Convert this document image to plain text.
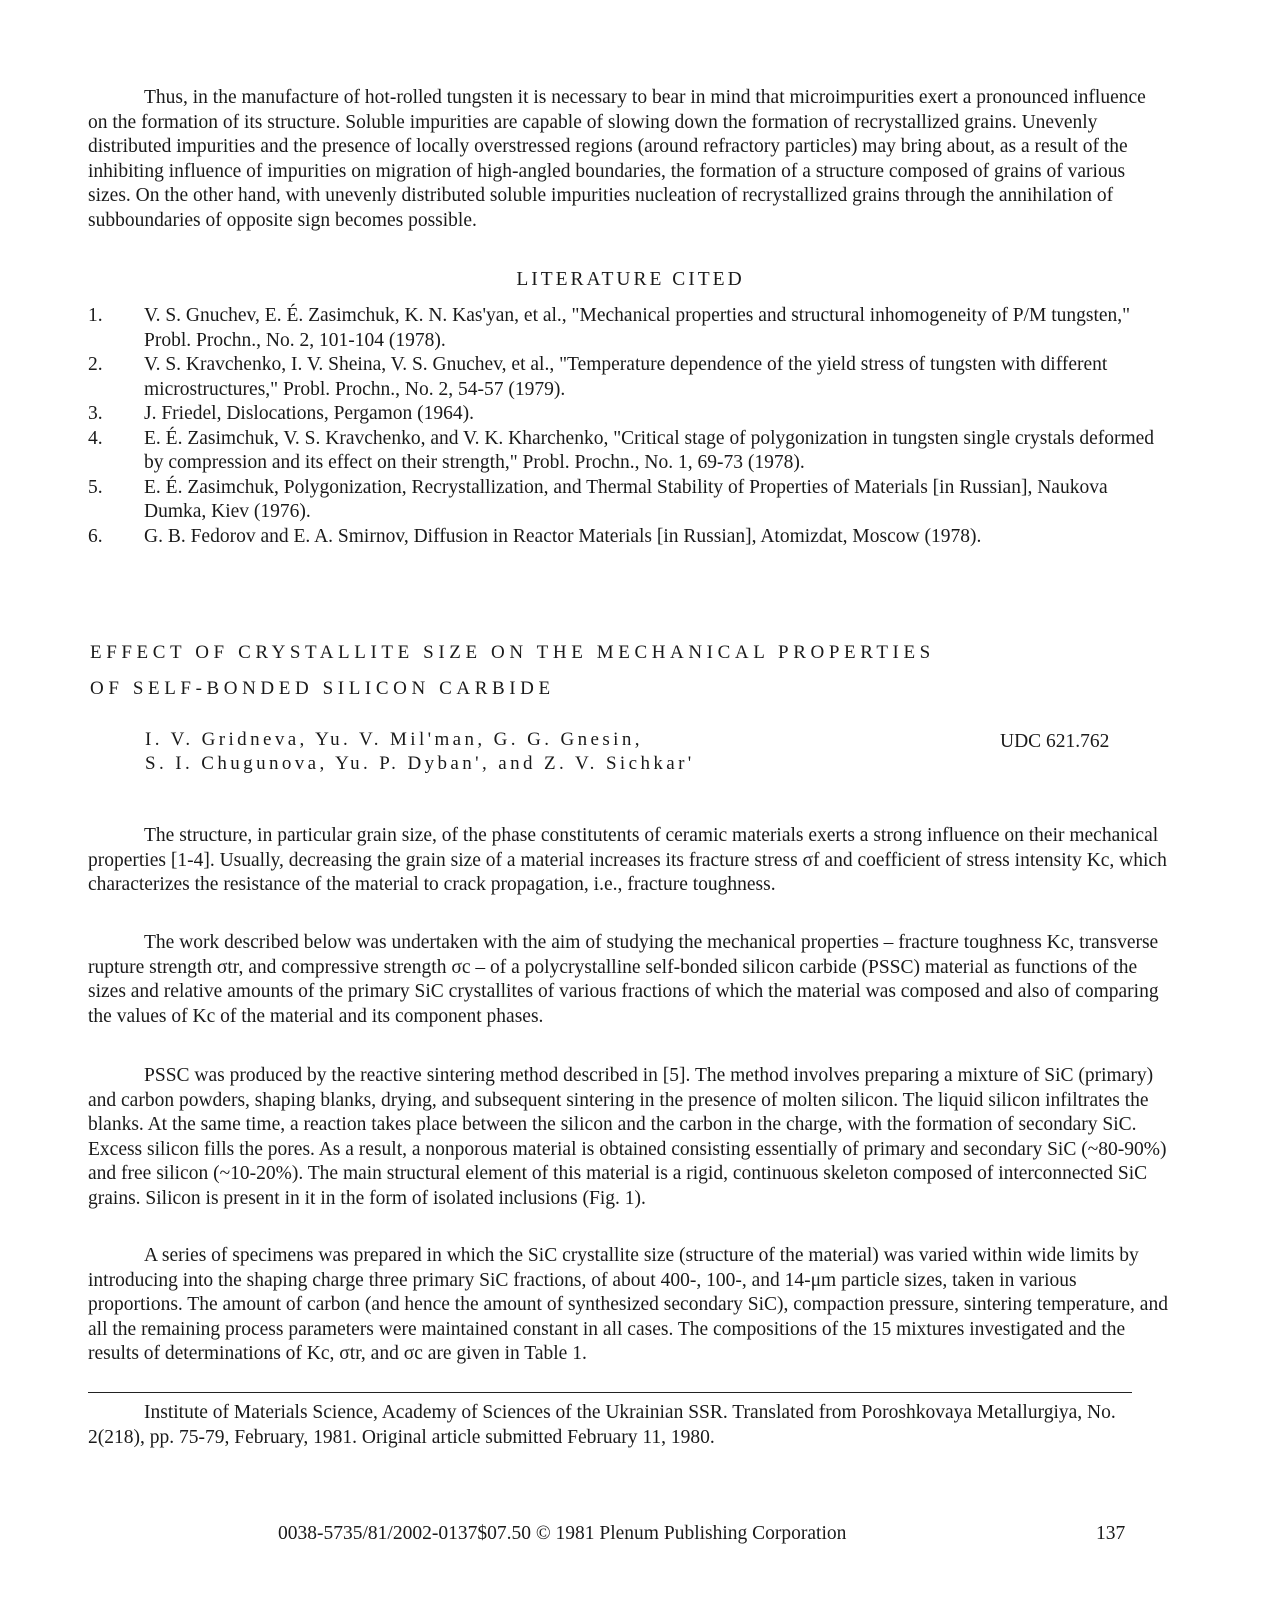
Thus, in the manufacture of hot-rolled tungsten it is necessary to bear in mind that microimpurities exert a pronounced influence on the formation of its structure. Soluble impurities are capable of slowing down the formation of recrystallized grains. Unevenly distributed impurities and the presence of locally overstressed regions (around refractory particles) may bring about, as a result of the inhibiting influence of impurities on migration of high-angled boundaries, the formation of a structure composed of grains of various sizes. On the other hand, with unevenly distributed soluble impurities nucleation of recrystallized grains through the annihilation of subboundaries of opposite sign becomes possible.

LITERATURE CITED
1.	V. S. Gnuchev, E. É. Zasimchuk, K. N. Kas'yan, et al., "Mechanical properties and structural inhomogeneity of P/M tungsten," Probl. Prochn., No. 2, 101-104 (1978).
2.	V. S. Kravchenko, I. V. Sheina, V. S. Gnuchev, et al., "Temperature dependence of the yield stress of tungsten with different microstructures," Probl. Prochn., No. 2, 54-57 (1979).
3.	J. Friedel, Dislocations, Pergamon (1964).
4.	E. É. Zasimchuk, V. S. Kravchenko, and V. K. Kharchenko, "Critical stage of polygonization in tungsten single crystals deformed by compression and its effect on their strength," Probl. Prochn., No. 1, 69-73 (1978).
5.	E. É. Zasimchuk, Polygonization, Recrystallization, and Thermal Stability of Properties of Materials [in Russian], Naukova Dumka, Kiev (1976).
6.	G. B. Fedorov and E. A. Smirnov, Diffusion in Reactor Materials [in Russian], Atomizdat, Moscow (1978).
EFFECT OF CRYSTALLITE SIZE ON THE MECHANICAL PROPERTIES
OF SELF-BONDED SILICON CARBIDE
I. V. Gridneva, Yu. V. Mil'man, G. G. Gnesin,
S. I. Chugunova, Yu. P. Dyban', and Z. V. Sichkar'
UDC 621.762

The structure, in particular grain size, of the phase constitutents of ceramic materials exerts a strong influence on their mechanical properties [1-4]. Usually, decreasing the grain size of a material increases its fracture stress σf and coefficient of stress intensity Kc, which characterizes the resistance of the material to crack propagation, i.e., fracture toughness.

The work described below was undertaken with the aim of studying the mechanical properties – fracture toughness Kc, transverse rupture strength σtr, and compressive strength σc – of a polycrystalline self-bonded silicon carbide (PSSC) material as functions of the sizes and relative amounts of the primary SiC crystallites of various fractions of which the material was composed and also of comparing the values of Kc of the material and its component phases.

PSSC was produced by the reactive sintering method described in [5]. The method involves preparing a mixture of SiC (primary) and carbon powders, shaping blanks, drying, and subsequent sintering in the presence of molten silicon. The liquid silicon infiltrates the blanks. At the same time, a reaction takes place between the silicon and the carbon in the charge, with the formation of secondary SiC. Excess silicon fills the pores. As a result, a nonporous material is obtained consisting essentially of primary and secondary SiC (~80-90%) and free silicon (~10-20%). The main structural element of this material is a rigid, continuous skeleton composed of interconnected SiC grains. Silicon is present in it in the form of isolated inclusions (Fig. 1).

A series of specimens was prepared in which the SiC crystallite size (structure of the material) was varied within wide limits by introducing into the shaping charge three primary SiC fractions, of about 400-, 100-, and 14-μm particle sizes, taken in various proportions. The amount of carbon (and hence the amount of synthesized secondary SiC), compaction pressure, sintering temperature, and all the remaining process parameters were maintained constant in all cases. The compositions of the 15 mixtures investigated and the results of determinations of Kc, σtr, and σc are given in Table 1.

Institute of Materials Science, Academy of Sciences of the Ukrainian SSR. Translated from Poroshkovaya Metallurgiya, No. 2(218), pp. 75-79, February, 1981. Original article submitted February 11, 1980.

0038-5735/81/2002-0137$07.50 © 1981 Plenum Publishing Corporation	137
